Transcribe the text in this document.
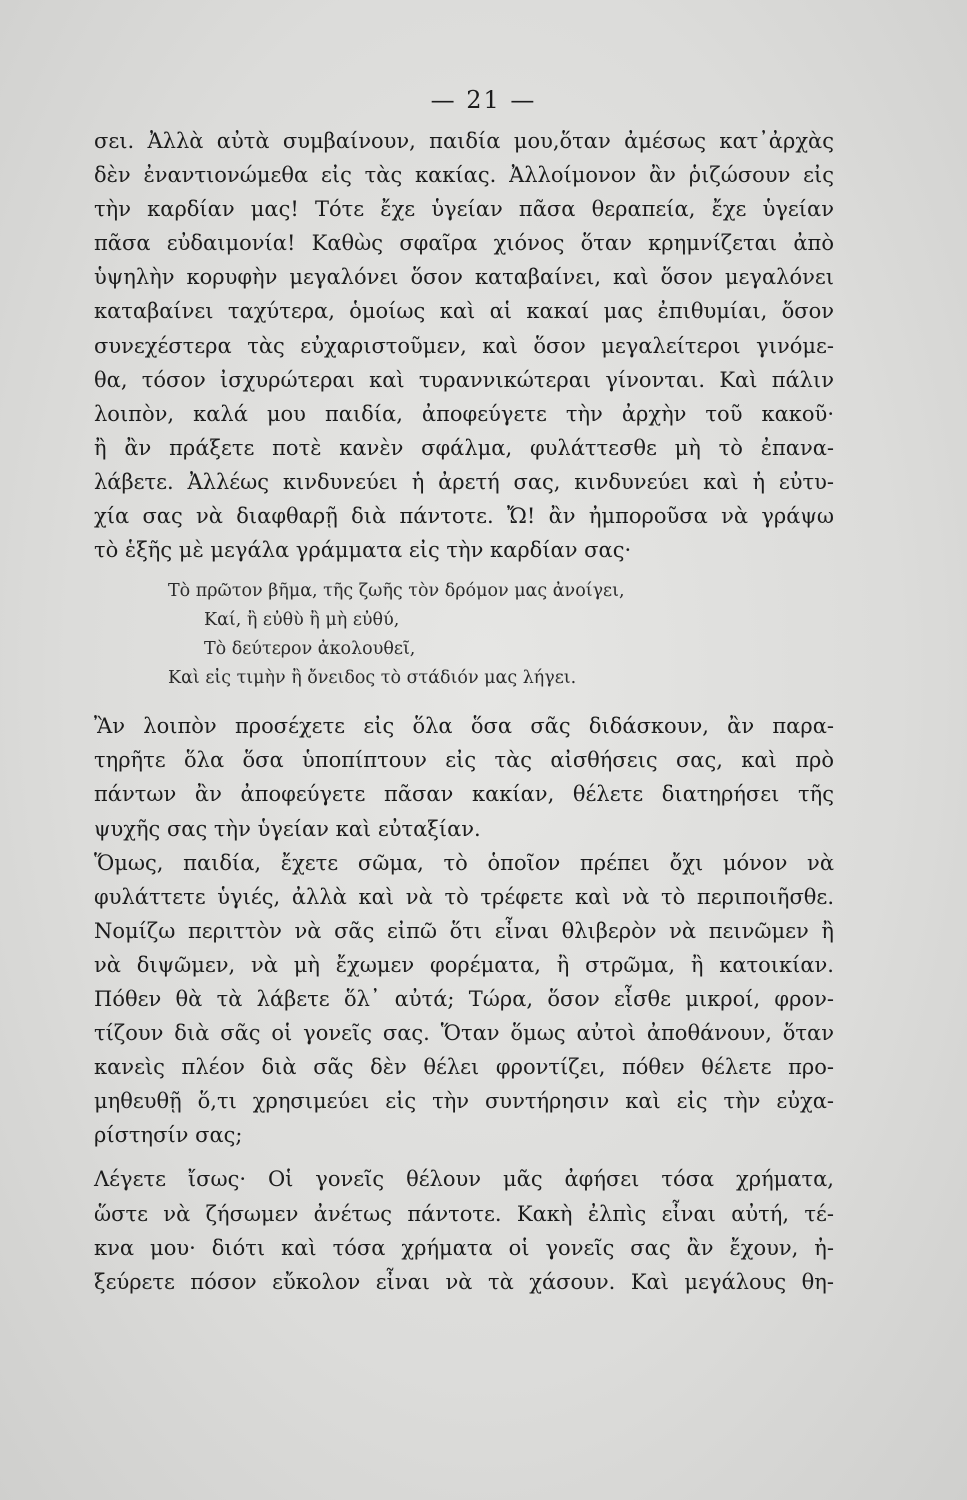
— 21 —
σει. Ἀλλὰ αὐτὰ συμβαίνουν, παιδία μου,ὅταν ἀμέσως κατ᾿ἀρχὰς
δὲν ἐναντιονώμεθα εἰς τὰς κακίας. Ἀλλοίμονον ἂν ῥιζώσουν εἰς
τὴν καρδίαν μας! Τότε ἔχε ὑγείαν πᾶσα θεραπεία, ἔχε ὑγείαν
πᾶσα εὐδαιμονία! Καθὼς σφαῖρα χιόνος ὅταν κρημνίζεται ἀπὸ
ὑψηλὴν κορυφὴν μεγαλόνει ὅσον καταβαίνει, καὶ ὅσον μεγαλόνει
καταβαίνει ταχύτερα, ὁμοίως καὶ αἱ κακαί μας ἐπιθυμίαι, ὅσον
συνεχέστερα τὰς εὐχαριστοῦμεν, καὶ ὅσον μεγαλείτεροι γινόμε-
θα, τόσον ἰσχυρώτεραι καὶ τυραννικώτεραι γίνονται. Καὶ πάλιν
λοιπὸν, καλά μου παιδία, ἀποφεύγετε τὴν ἀρχὴν τοῦ κακοῦ·
ἢ ἂν πράξετε ποτὲ κανὲν σφάλμα, φυλάττεσθε μὴ τὸ ἐπανα-
λάβετε. Ἀλλέως κινδυνεύει ἡ ἀρετή σας, κινδυνεύει καὶ ἡ εὐτυ-
χία σας νὰ διαφθαρῇ διὰ πάντοτε. Ὤ! ἂν ἠμποροῦσα νὰ γράψω
τὸ ἑξῆς μὲ μεγάλα γράμματα εἰς τὴν καρδίαν σας·
Τὸ πρῶτον βῆμα, τῆς ζωῆς τὸν δρόμον μας ἀνοίγει,
Καί, ἢ εὐθὺ ἢ μὴ εὐθύ,
Τὸ δεύτερον ἀκολουθεῖ,
Καὶ εἰς τιμὴν ἢ ὄνειδος τὸ στάδιόν μας λήγει.
Ἂν λοιπὸν προσέχετε εἰς ὅλα ὅσα σᾶς διδάσκουν, ἂν παρα-
τηρῆτε ὅλα ὅσα ὑποπίπτουν εἰς τὰς αἰσθήσεις σας, καὶ πρὸ
πάντων ἂν ἀποφεύγετε πᾶσαν κακίαν, θέλετε διατηρήσει τῆς
ψυχῆς σας τὴν ὑγείαν καὶ εὐταξίαν.
Ὅμως, παιδία, ἔχετε σῶμα, τὸ ὁποῖον πρέπει ὄχι μόνον νὰ
φυλάττετε ὑγιές, ἀλλὰ καὶ νὰ τὸ τρέφετε καὶ νὰ τὸ περιποιῆσθε.
Νομίζω περιττὸν νὰ σᾶς εἰπῶ ὅτι εἶναι θλιβερὸν νὰ πεινῶμεν ἢ
νὰ διψῶμεν, νὰ μὴ ἔχωμεν φορέματα, ἢ στρῶμα, ἢ κατοικίαν.
Πόθεν θὰ τὰ λάβετε ὅλ᾿ αὐτά; Τώρα, ὅσον εἶσθε μικροί, φρον-
τίζουν διὰ σᾶς οἱ γονεῖς σας. Ὅταν ὅμως αὐτοὶ ἀποθάνουν, ὅταν
κανεὶς πλέον διὰ σᾶς δὲν θέλει φροντίζει, πόθεν θέλετε προ-
μηθευθῇ ὅ,τι χρησιμεύει εἰς τὴν συντήρησιν καὶ εἰς τὴν εὐχα-
ρίστησίν σας;
Λέγετε ἴσως· Οἱ γονεῖς θέλουν μᾶς ἀφήσει τόσα χρήματα,
ὥστε νὰ ζήσωμεν ἀνέτως πάντοτε. Κακὴ ἐλπὶς εἶναι αὐτή, τέ-
κνα μου· διότι καὶ τόσα χρήματα οἱ γονεῖς σας ἂν ἔχουν, ἠ-
ξεύρετε πόσον εὔκολον εἶναι νὰ τὰ χάσουν. Καὶ μεγάλους θη-
